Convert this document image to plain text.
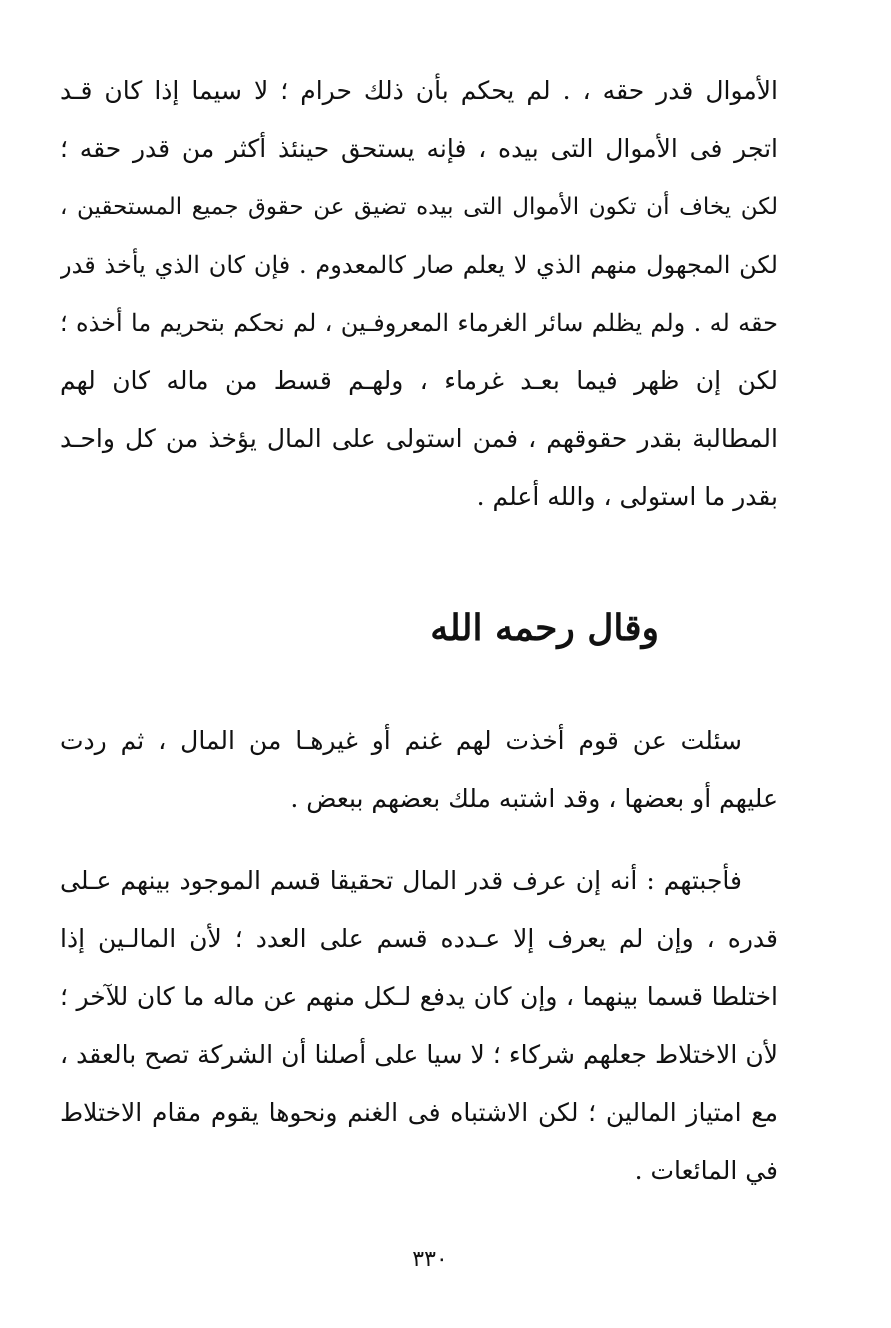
الأموال قدر حقه ، . لم يحكم بأن ذلك حرام ؛ لا سيما إذا كان قـد
اتجر فى الأموال التى بيده ، فإنه يستحق حينئذ أكثر من قدر حقه ؛
لكن يخاف أن تكون الأموال التى بيده تضيق عن حقوق جميع المستحقين ،
لكن المجهول منهم الذي لا يعلم صار كالمعدوم . فإن كان الذي يأخذ قدر
حقه له . ولم يظلم سائر الغرماء المعروفـين ، لم نحكم بتحريم ما أخذه ؛
لكن إن ظهر فيما بعـد غرماء ، ولهـم قسط من ماله كان لهم
المطالبة بقدر حقوقهم ، فمن استولى على المال يؤخذ من كل واحـد
بقدر ما استولى ، والله أعلم .
وقال رحمه الله
سئلت عن قوم أخذت لهم غنم أو غيرهـا من المال ، ثم ردت
عليهم أو بعضها ، وقد اشتبه ملك بعضهم ببعض .
فأجبتهم : أنه إن عرف قدر المال تحقيقا قسم الموجود بينهم عـلى
قدره ، وإن لم يعرف إلا عـدده قسم على العدد ؛ لأن المالـين إذا
اختلطا قسما بينهما ، وإن كان يدفع لـكل منهم عن ماله ما كان للآخر ؛
لأن الاختلاط جعلهم شركاء ؛ لا سيا على أصلنا أن الشركة تصح بالعقد ،
مع امتياز المالين ؛ لكن الاشتباه فى الغنم ونحوها يقوم مقام الاختلاط
في المائعات .
٣٣٠
